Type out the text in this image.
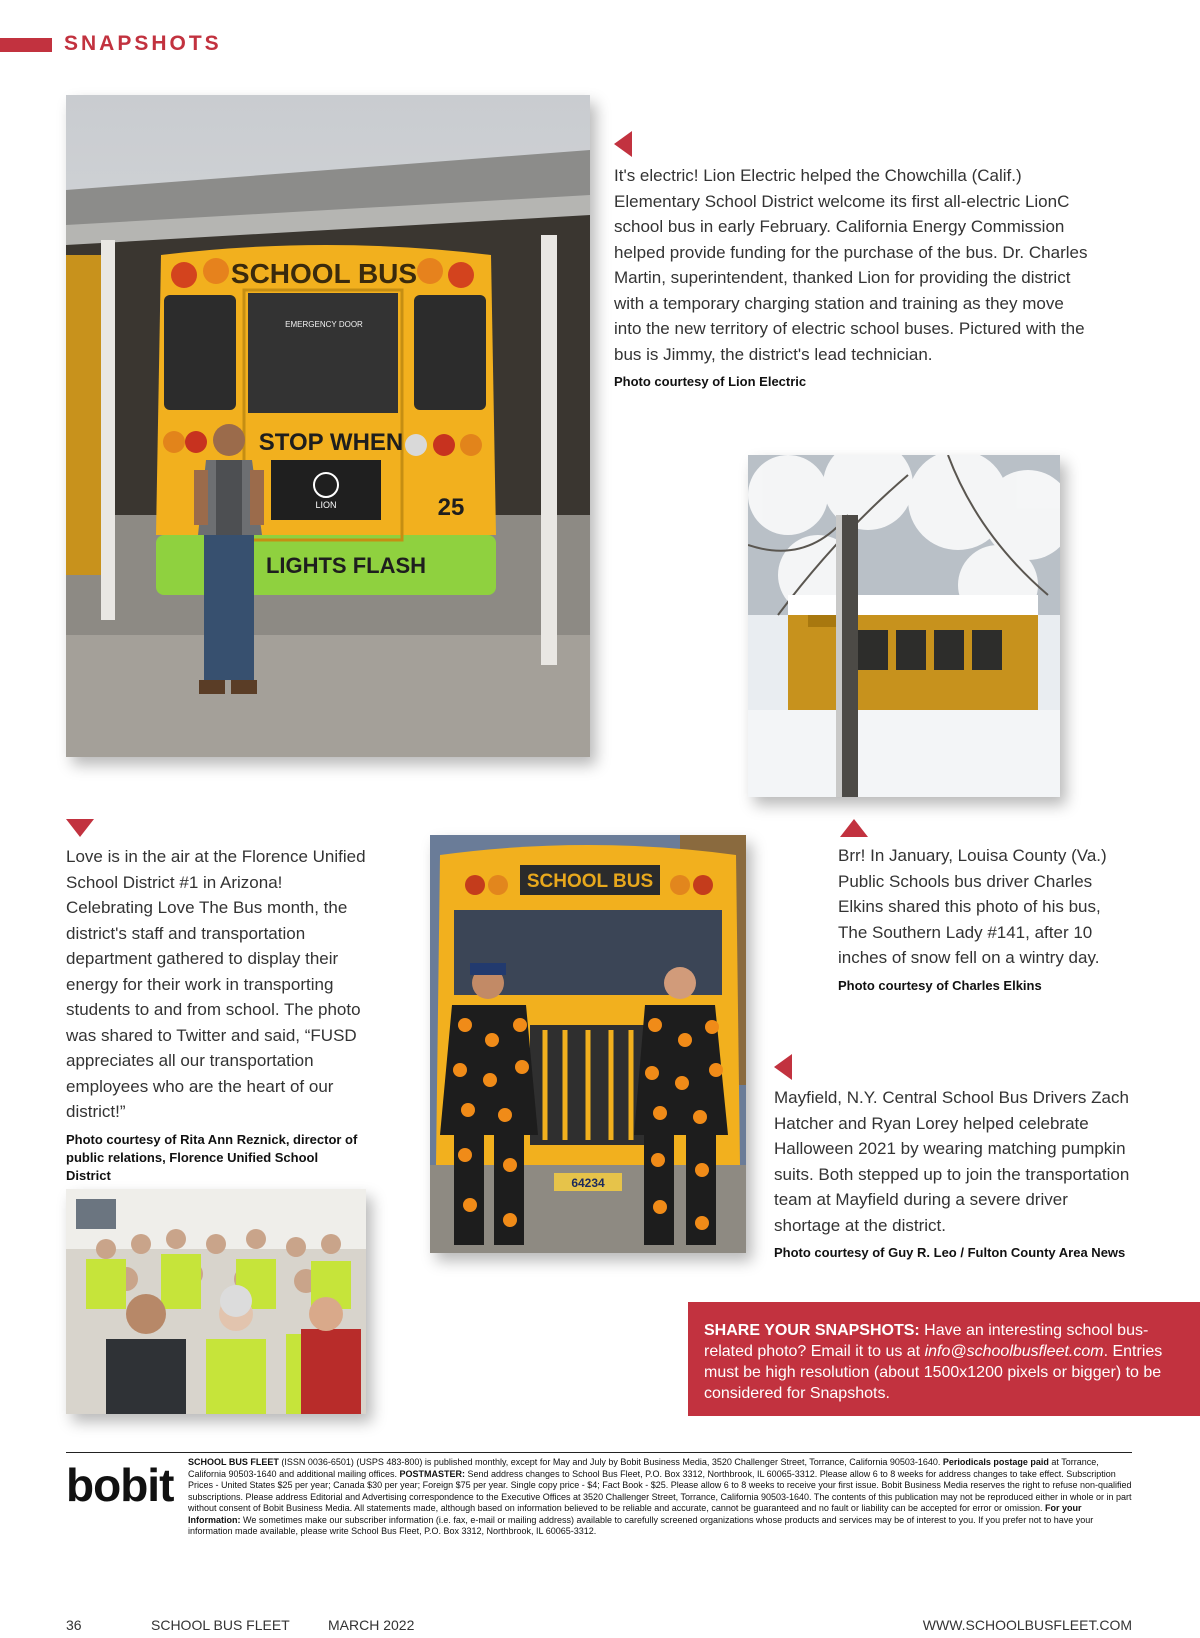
SNAPSHOTS
SCHOOL BUS
EMERGENCY DOOR
STOP WHEN
LION	25
LIGHTS FLASH
It's electric! Lion Electric helped the Chowchilla (Calif.) Elementary School District welcome its first all-electric LionC school bus in early February. California Energy Commission helped provide funding for the purchase of the bus. Dr. Charles Martin, superintendent, thanked Lion for providing the district with a temporary charging station and training as they move into the new territory of electric school buses. Pictured with the bus is Jimmy, the district's lead technician.
Photo courtesy of Lion Electric
Love is in the air at the Florence Unified School District #1 in Arizona! Celebrating Love The Bus month, the district's staff and transportation department gathered to display their energy for their work in transporting students to and from school. The photo was shared to Twitter and said, “FUSD appreciates all our transportation employees who are the heart of our district!”
Photo courtesy of Rita Ann Reznick, director of public relations, Florence Unified School District
SCHOOL BUS
64234
Brr! In January, Louisa County (Va.) Public Schools bus driver Charles Elkins shared this photo of his bus, The Southern Lady #141, after 10 inches of snow fell on a wintry day.
Photo courtesy of Charles Elkins
Mayfield, N.Y. Central School Bus Drivers Zach Hatcher and Ryan Lorey helped celebrate Halloween 2021 by wearing matching pumpkin suits. Both stepped up to join the transportation team at Mayfield during a severe driver shortage at the district.
Photo courtesy of Guy R. Leo / Fulton County Area News
SHARE YOUR SNAPSHOTS: Have an interesting school bus-related photo? Email it to us at info@schoolbusfleet.com. Entries must be high resolution (about 1500x1200 pixels or bigger) to be considered for Snapshots.
bobit SCHOOL BUS FLEET (ISSN 0036-6501) (USPS 483-800) is published monthly, except for May and July by Bobit Business Media, 3520 Challenger Street, Torrance, California 90503-1640. Periodicals postage paid at Torrance, California 90503-1640 and additional mailing offices. POSTMASTER: Send address changes to School Bus Fleet, P.O. Box 3312, Northbrook, IL 60065-3312. Please allow 6 to 8 weeks for address changes to take effect. Subscription Prices - United States $25 per year; Canada $30 per year; Foreign $75 per year. Single copy price - $4; Fact Book - $25. Please allow 6 to 8 weeks to receive your first issue. Bobit Business Media reserves the right to refuse non-qualified subscriptions. Please address Editorial and Advertising correspondence to the Executive Offices at 3520 Challenger Street, Torrance, California 90503-1640. The contents of this publication may not be reproduced either in whole or in part without consent of Bobit Business Media. All statements made, although based on information believed to be reliable and accurate, cannot be guaranteed and no fault or liability can be accepted for error or omission. For your Information: We sometimes make our subscriber information (i.e. fax, e-mail or mailing address) available to carefully screened organizations whose products and services may be of interest to you. If you prefer not to have your information made available, please write School Bus Fleet, P.O. Box 3312, Northbrook, IL 60065-3312.
36	SCHOOL BUS FLEET	MARCH 2022	WWW.SCHOOLBUSFLEET.COM
